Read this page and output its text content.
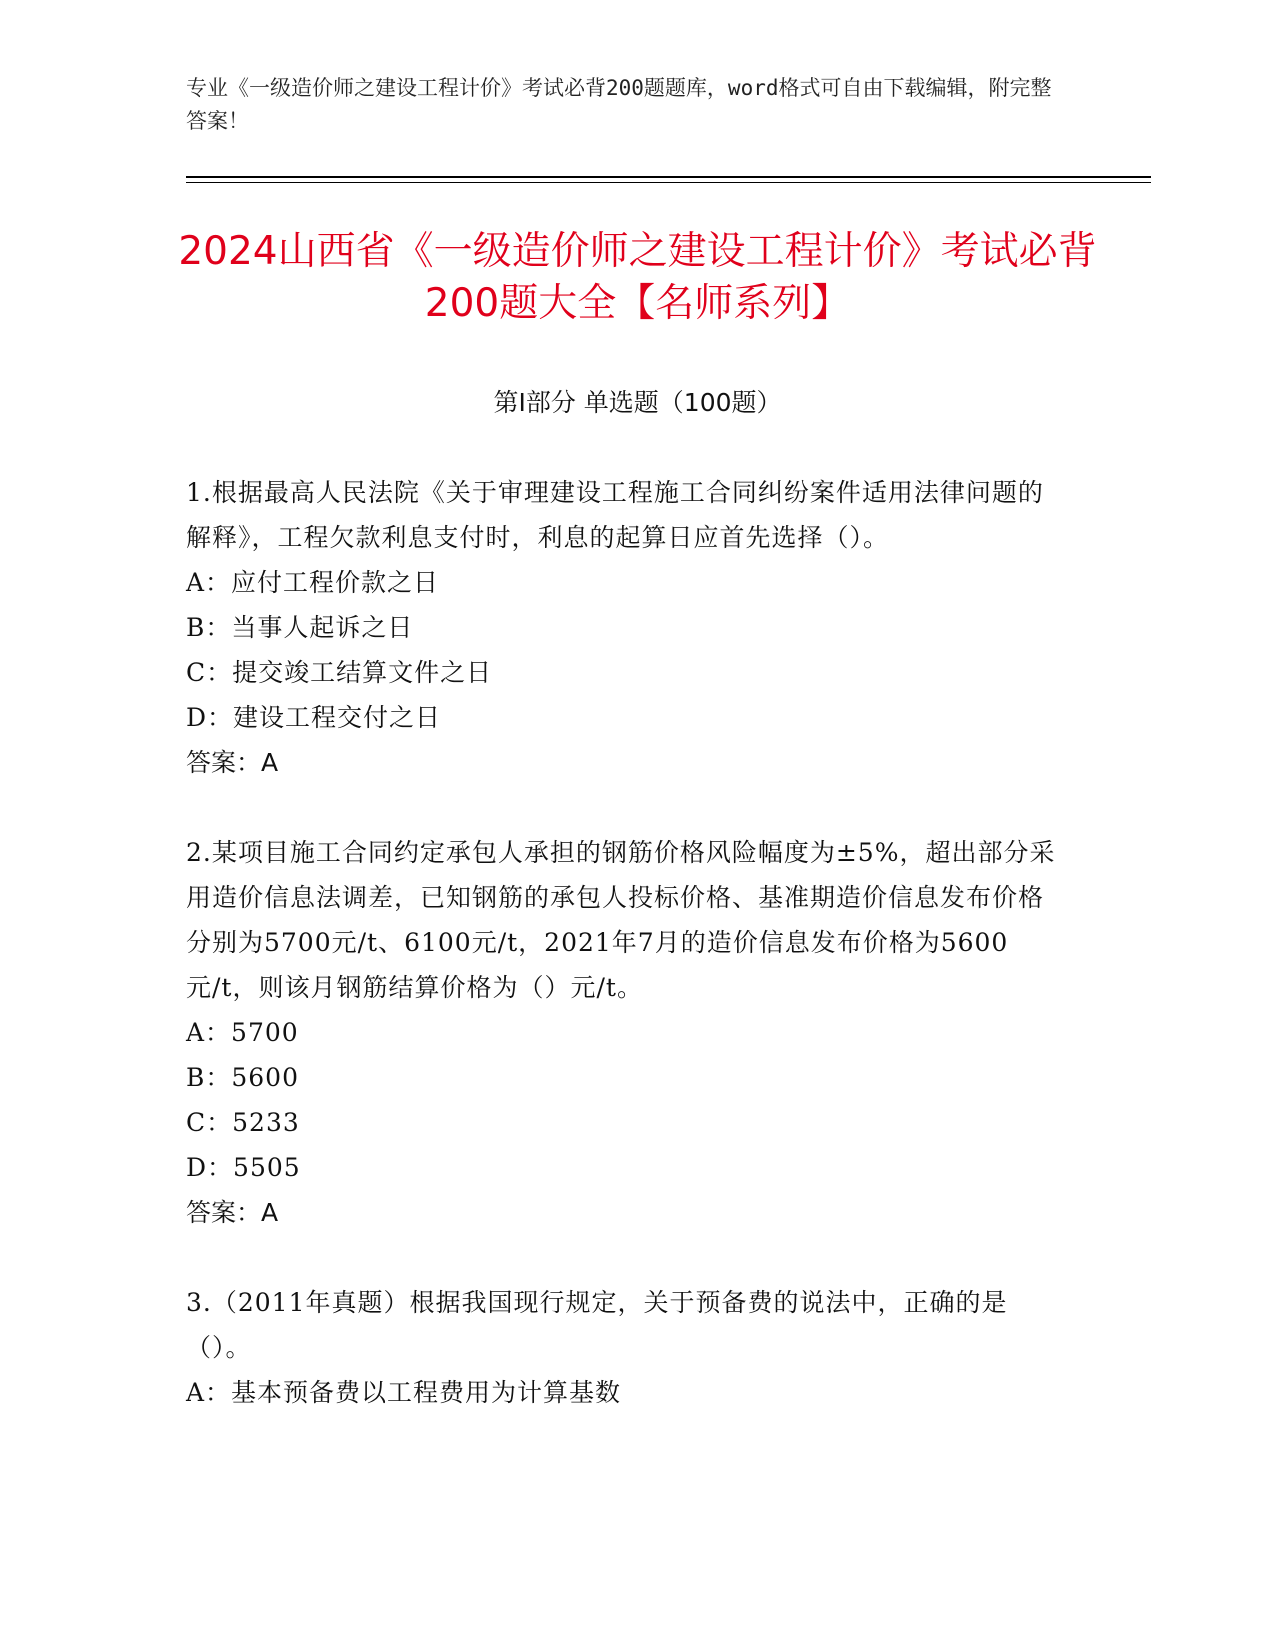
专业《一级造价师之建设工程计价》考试必背200题题库，word格式可自由下载编辑，附完整答案！
2024山西省《一级造价师之建设工程计价》考试必背200题大全【名师系列】
第I部分 单选题（100题）
1.根据最高人民法院《关于审理建设工程施工合同纠纷案件适用法律问题的解释》，工程欠款利息支付时，利息的起算日应首先选择（）。
A：应付工程价款之日
B：当事人起诉之日
C：提交竣工结算文件之日
D：建设工程交付之日
答案：A
2.某项目施工合同约定承包人承担的钢筋价格风险幅度为±5%，超出部分采用造价信息法调差，已知钢筋的承包人投标价格、基准期造价信息发布价格分别为5700元/t、6100元/t，2021年7月的造价信息发布价格为5600元/t，则该月钢筋结算价格为（）元/t。
A：5700
B：5600
C：5233
D：5505
答案：A
3.（2011年真题）根据我国现行规定，关于预备费的说法中，正确的是（）。
A：基本预备费以工程费用为计算基数
